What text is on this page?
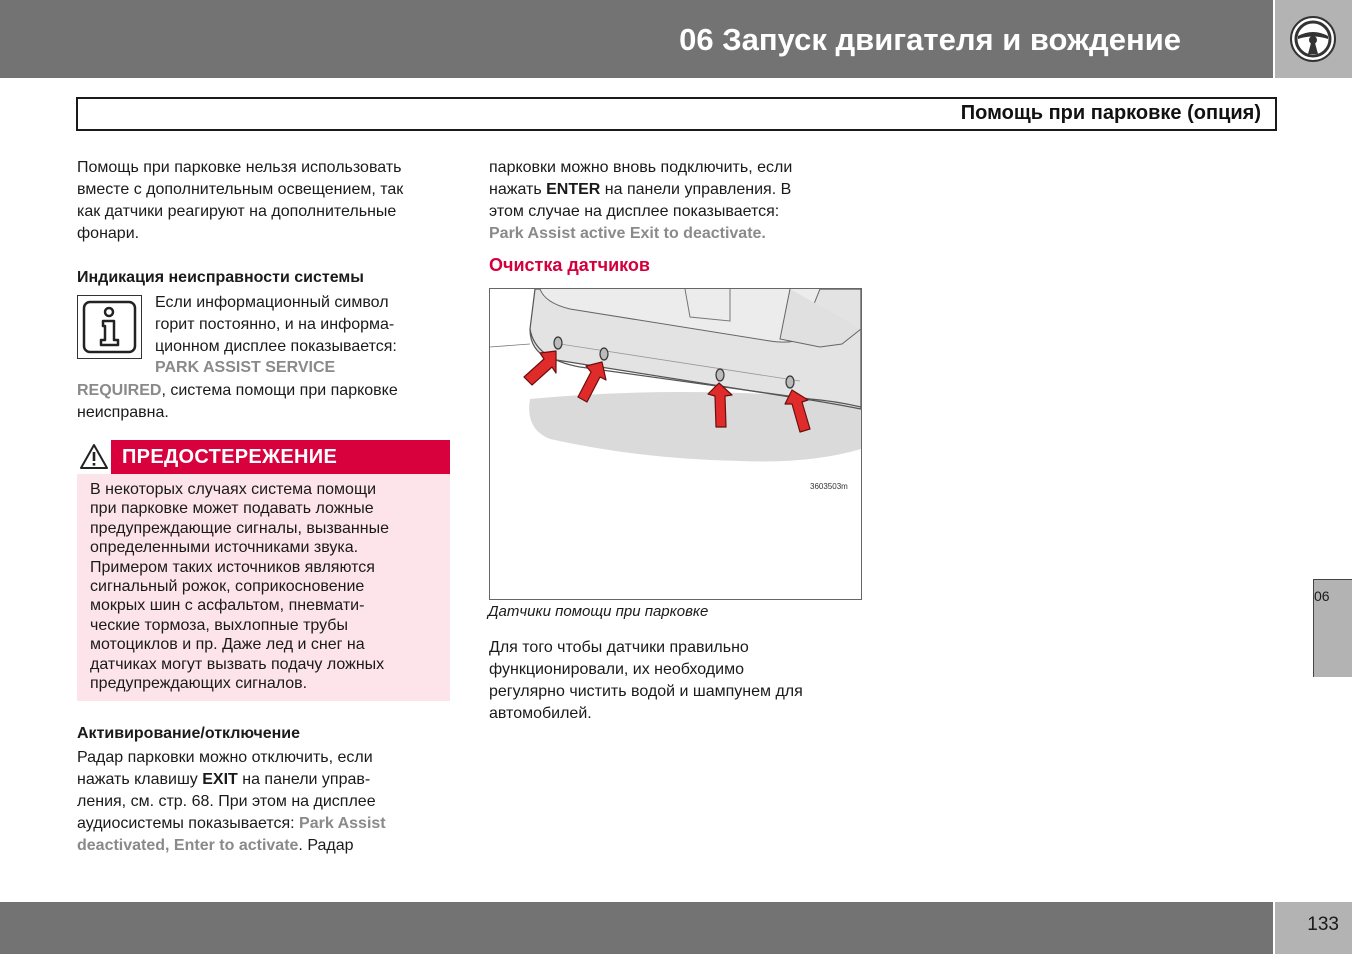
06 Запуск двигателя и вождение
Помощь при парковке (опция)

Помощь при парковке нельзя использовать

вместе с дополнительным освещением, так

как датчики реагируют на дополнительные

фонари.

Индикация неисправности системы

Если информационный символ

горит постоянно, и на информа-

ционном дисплее показывается:

PARK ASSIST SERVICE

REQUIRED, система помощи при парковке

неисправна.

ПРЕДОСТЕРЕЖЕНИЕ

В некоторых случаях система помощи
при парковке может подавать ложные
предупреждающие сигналы, вызванные
определенными источниками звука.
Примером таких источников являются
сигнальный рожок, соприкосновение
мокрых шин с асфальтом, пневмати-
ческие тормоза, выхлопные трубы
мотоциклов и пр. Даже лед и снег на
датчиках могут вызвать подачу ложных
предупреждающих сигналов.
Активирование/отключение

Радар парковки можно отключить, если

нажать клавишу EXIT на панели управ-

ления, см. стр. 68. При этом на дисплее

аудиосистемы показывается: Park Assist

deactivated, Enter to activate. Радар

парковки можно вновь подключить, если

нажать ENTER на панели управления. В

этом случае на дисплее показывается:

Park Assist active Exit to deactivate.

Очистка датчиков
3603503m

Датчики помощи при парковке

Для того чтобы датчики правильно

функционировали, их необходимо

регулярно чистить водой и шампунем для

автомобилей.

06

133
